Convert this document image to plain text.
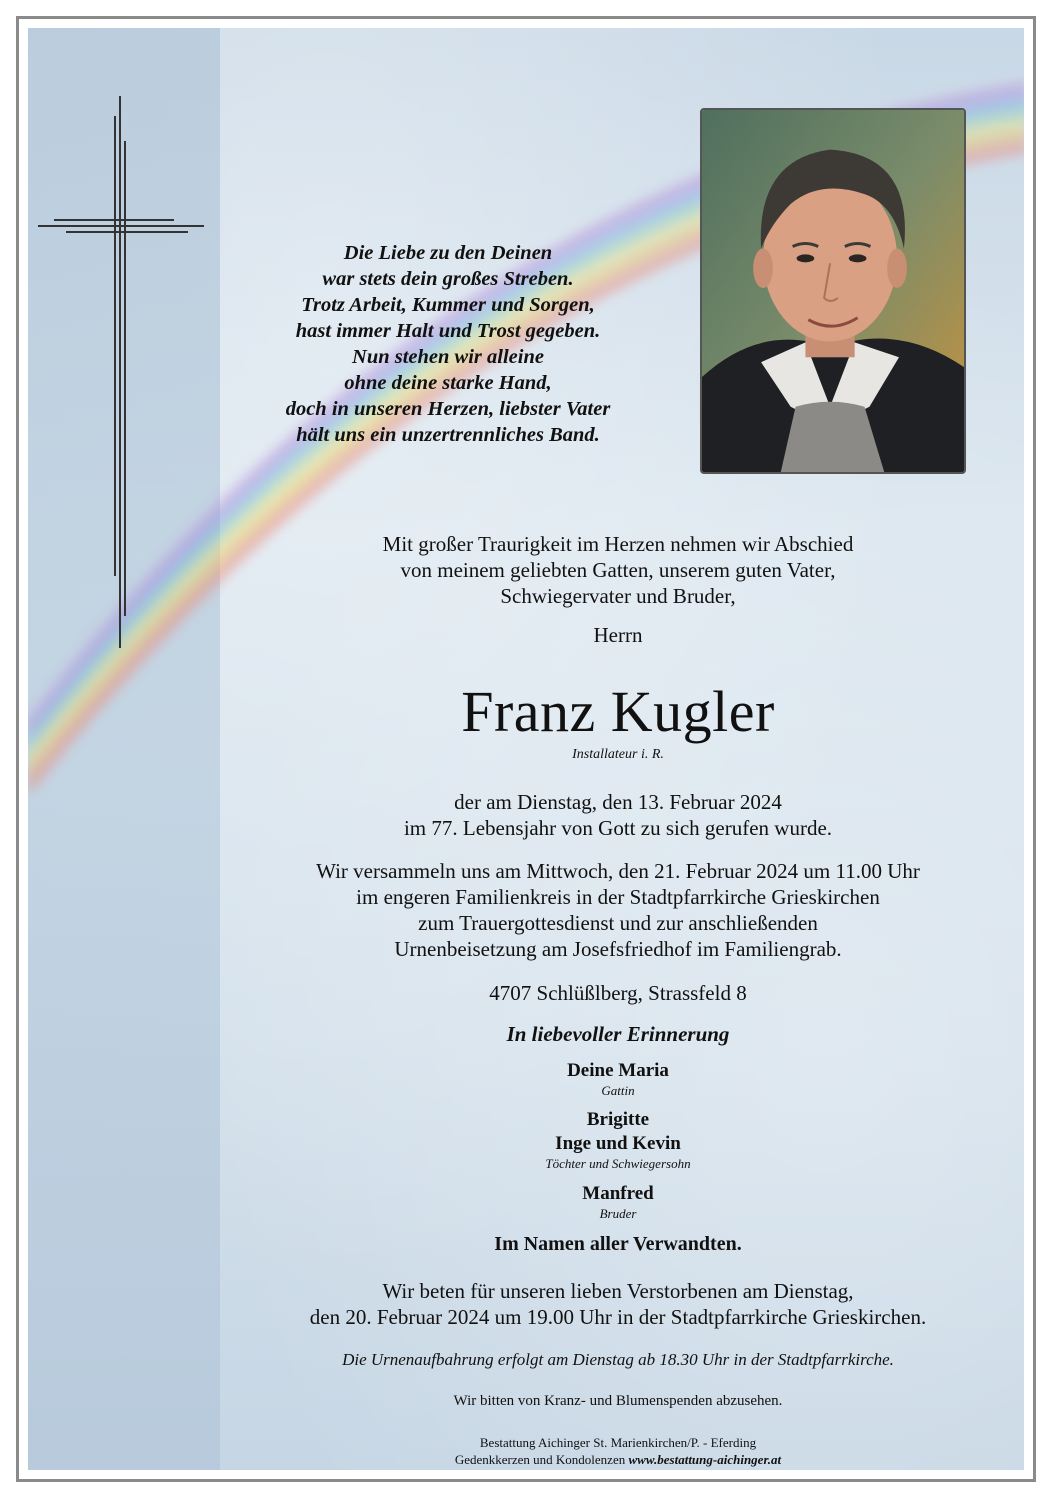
Die Liebe zu den Deinen
war stets dein großes Streben.
Trotz Arbeit, Kummer und Sorgen,
hast immer Halt und Trost gegeben.
Nun stehen wir alleine
ohne deine starke Hand,
doch in unseren Herzen, liebster Vater
hält uns ein unzertrennliches Band.
Mit großer Traurigkeit im Herzen nehmen wir Abschied
von meinem geliebten Gatten, unserem guten Vater,
Schwiegervater und Bruder,
Herrn
Franz Kugler
Installateur i. R.
der am Dienstag, den 13. Februar 2024
im 77. Lebensjahr von Gott zu sich gerufen wurde.
Wir versammeln uns am Mittwoch, den 21. Februar 2024 um 11.00 Uhr
im engeren Familienkreis in der Stadtpfarrkirche Grieskirchen
zum Trauergottesdienst und zur anschließenden
Urnenbeisetzung am Josefsfriedhof im Familiengrab.
4707 Schlüßlberg, Strassfeld 8
In liebevoller Erinnerung
Deine Maria
Gattin
Brigitte
Inge und Kevin
Töchter und Schwiegersohn
Manfred
Bruder
Im Namen aller Verwandten.
Wir beten für unseren lieben Verstorbenen am Dienstag,
den 20. Februar 2024 um 19.00 Uhr in der Stadtpfarrkirche Grieskirchen.
Die Urnenaufbahrung erfolgt am Dienstag ab 18.30 Uhr in der Stadtpfarrkirche.
Wir bitten von Kranz- und Blumenspenden abzusehen.
Bestattung Aichinger St. Marienkirchen/P. - Eferding
Gedenkkerzen und Kondolenzen www.bestattung-aichinger.at
